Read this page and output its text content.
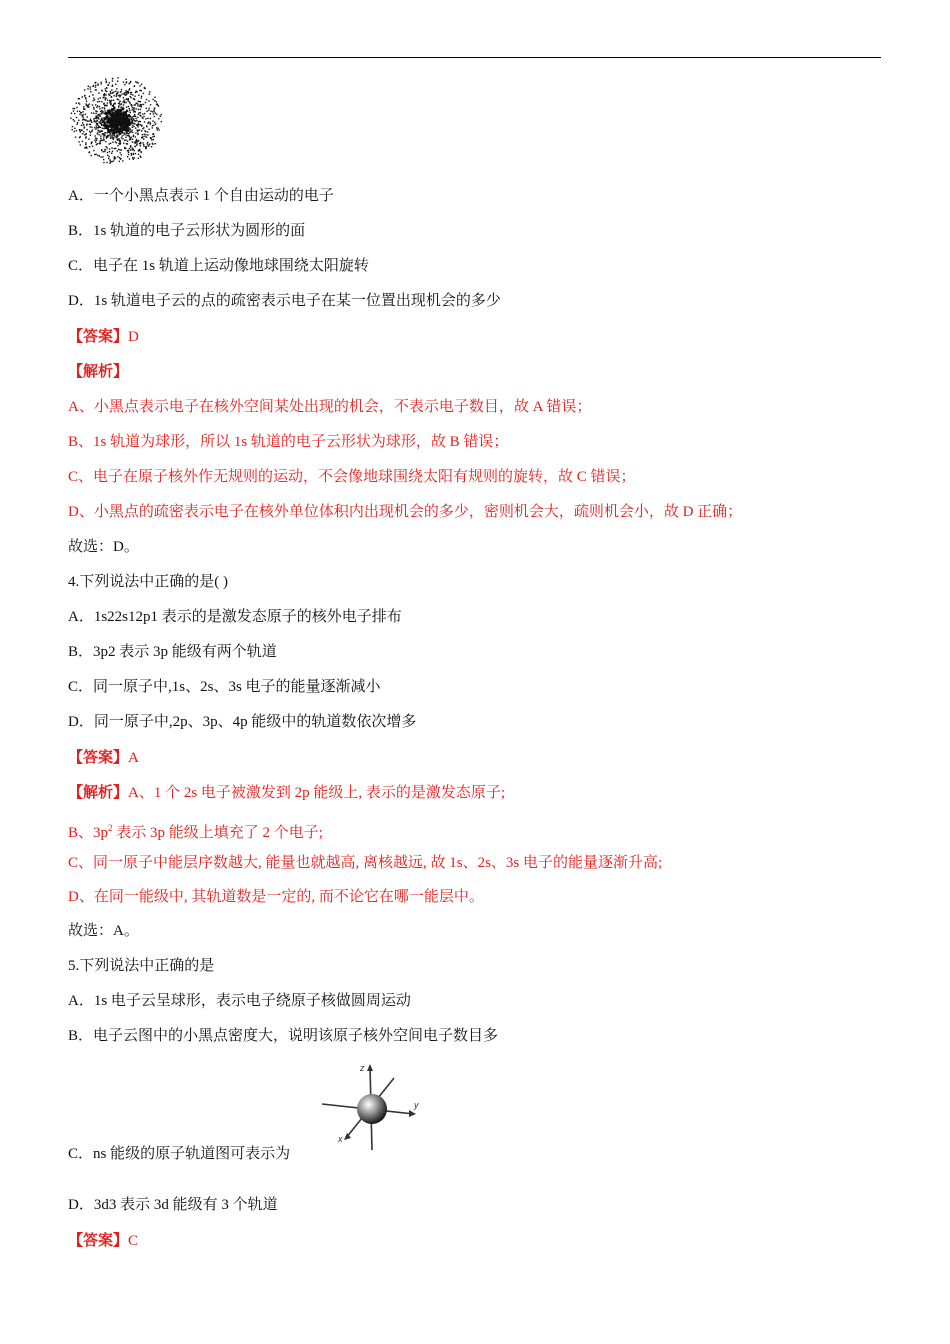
A．一个小黑点表示 1 个自由运动的电子
B．1s 轨道的电子云形状为圆形的面
C．电子在 1s 轨道上运动像地球围绕太阳旋转
D．1s 轨道电子云的点的疏密表示电子在某一位置出现机会的多少
【答案】D
【解析】
A、小黑点表示电子在核外空间某处出现的机会，不表示电子数目，故 A 错误；
B、1s 轨道为球形，所以 1s 轨道的电子云形状为球形，故 B 错误；
C、电子在原子核外作无规则的运动，不会像地球围绕太阳有规则的旋转，故 C 错误；
D、小黑点的疏密表示电子在核外单位体积内出现机会的多少，密则机会大，疏则机会小，故 D 正确；
故选：D。
4.下列说法中正确的是( )
A．1s22s12p1 表示的是激发态原子的核外电子排布
B．3p2 表示 3p 能级有两个轨道
C．同一原子中,1s、2s、3s 电子的能量逐渐减小
D．同一原子中,2p、3p、4p 能级中的轨道数依次增多
【答案】A
【解析】A、1 个 2s 电子被激发到 2p 能级上, 表示的是激发态原子;
B、$3p^2$ 表示 3p 能级上填充了 2 个电子;
C、同一原子中能层序数越大, 能量也就越高, 离核越远, 故 1s、2s、3s 电子的能量逐渐升高;
D、在同一能级中, 其轨道数是一定的, 而不论它在哪一能层中。
故选：A。
5.下列说法中正确的是
A．1s 电子云呈球形，表示电子绕原子核做圆周运动
B．电子云图中的小黑点密度大，说明该原子核外空间电子数目多
z
y
x
C．ns 能级的原子轨道图可表示为
D．3d3 表示 3d 能级有 3 个轨道
【答案】C
